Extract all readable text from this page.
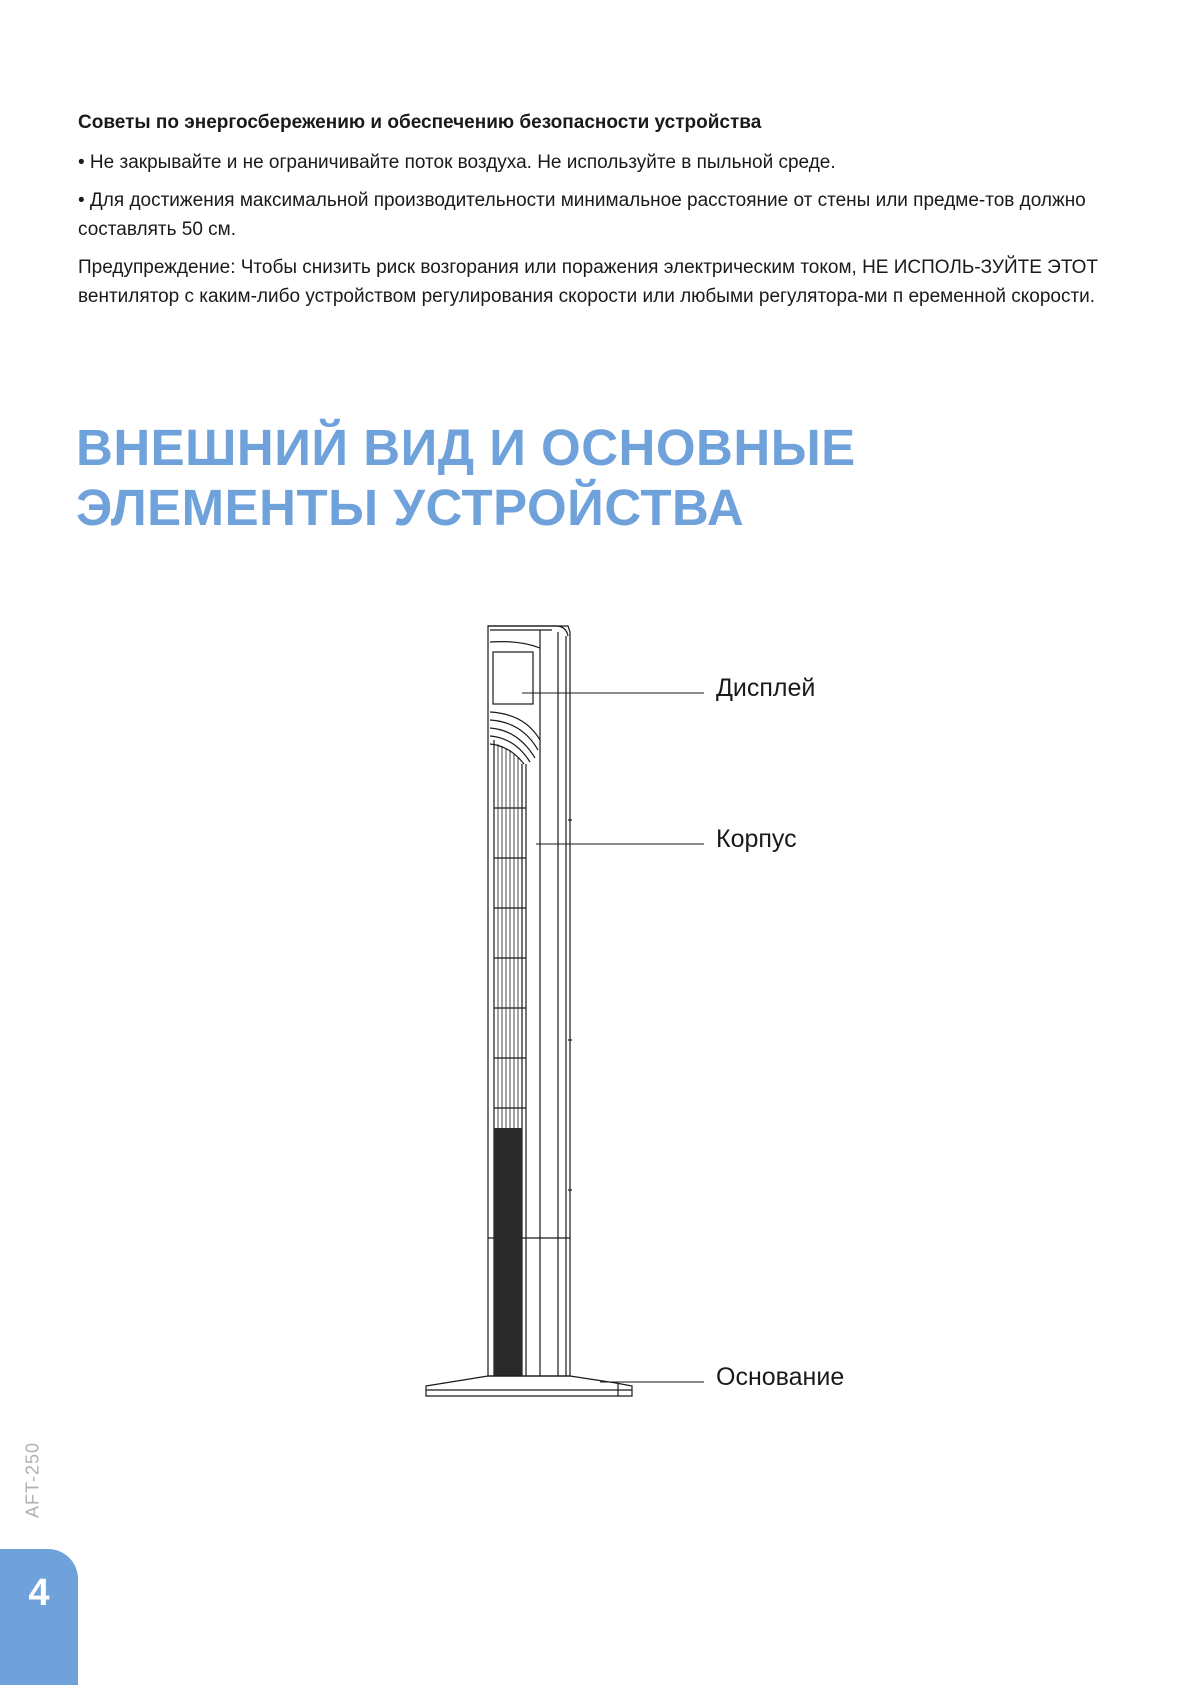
Советы по энергосбережению и обеспечению безопасности устройства

• Не закрывайте и не ограничивайте поток воздуха. Не используйте в пыльной среде.

• Для достижения максимальной производительности минимальное расстояние от стены или предме-тов должно составлять 50 см.

Предупреждение: Чтобы снизить риск возгорания или поражения электрическим током, НЕ ИСПОЛЬ-ЗУЙТЕ ЭТОТ вентилятор с каким-либо устройством регулирования скорости или любыми регулятора-ми п еременной скорости.

ВНЕШНИЙ ВИД И ОСНОВНЫЕ
ЭЛЕМЕНТЫ УСТРОЙСТВА
Дисплей
Корпус
Основание
AFT-250
4
